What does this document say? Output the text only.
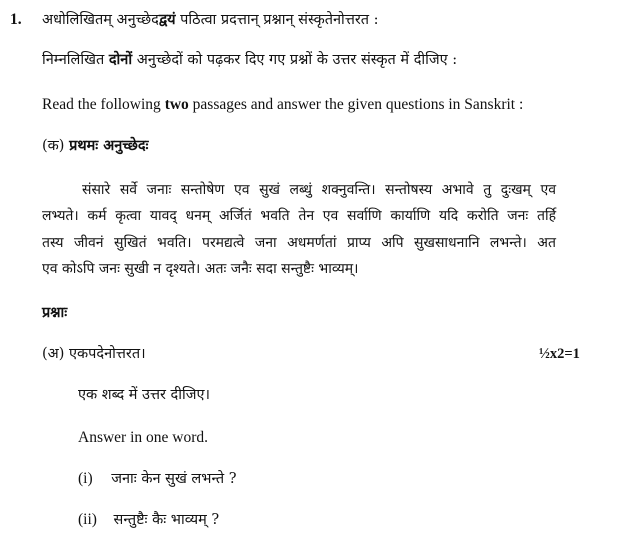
1. अधोलिखितम् अनुच्छेदद्वयं पठित्वा प्रदत्तान् प्रश्नान् संस्कृतेनोत्तरत :
निम्नलिखित दोनों अनुच्छेदों को पढ़कर दिए गए प्रश्नों के उत्तर संस्कृत में दीजिए :
Read the following two passages and answer the given questions in Sanskrit :
(क) प्रथमः अनुच्छेदः
संसारे सर्वे जनाः सन्तोषेण एव सुखं लब्धुं शक्नुवन्ति। सन्तोषस्य अभावे तु दुःखम् एव
लभ्यते। कर्म कृत्वा यावद् धनम् अर्जितं भवति तेन एव सर्वाणि कार्याणि यदि करोति जनः तर्हि
तस्य जीवनं सुखितं भवति। परमद्यत्वे जना अधमर्णतां प्राप्य अपि सुखसाधनानि लभन्ते। अत
एव कोऽपि जनः सुखी न दृश्यते। अतः जनैः सदा सन्तुष्टैः भाव्यम्।
प्रश्नाः
(अ) एकपदेनोत्तरत।	½x2=1
एक शब्द में उत्तर दीजिए।
Answer in one word.
(i) जनाः केन सुखं लभन्ते ?
(ii) सन्तुष्टैः कैः भाव्यम् ?
